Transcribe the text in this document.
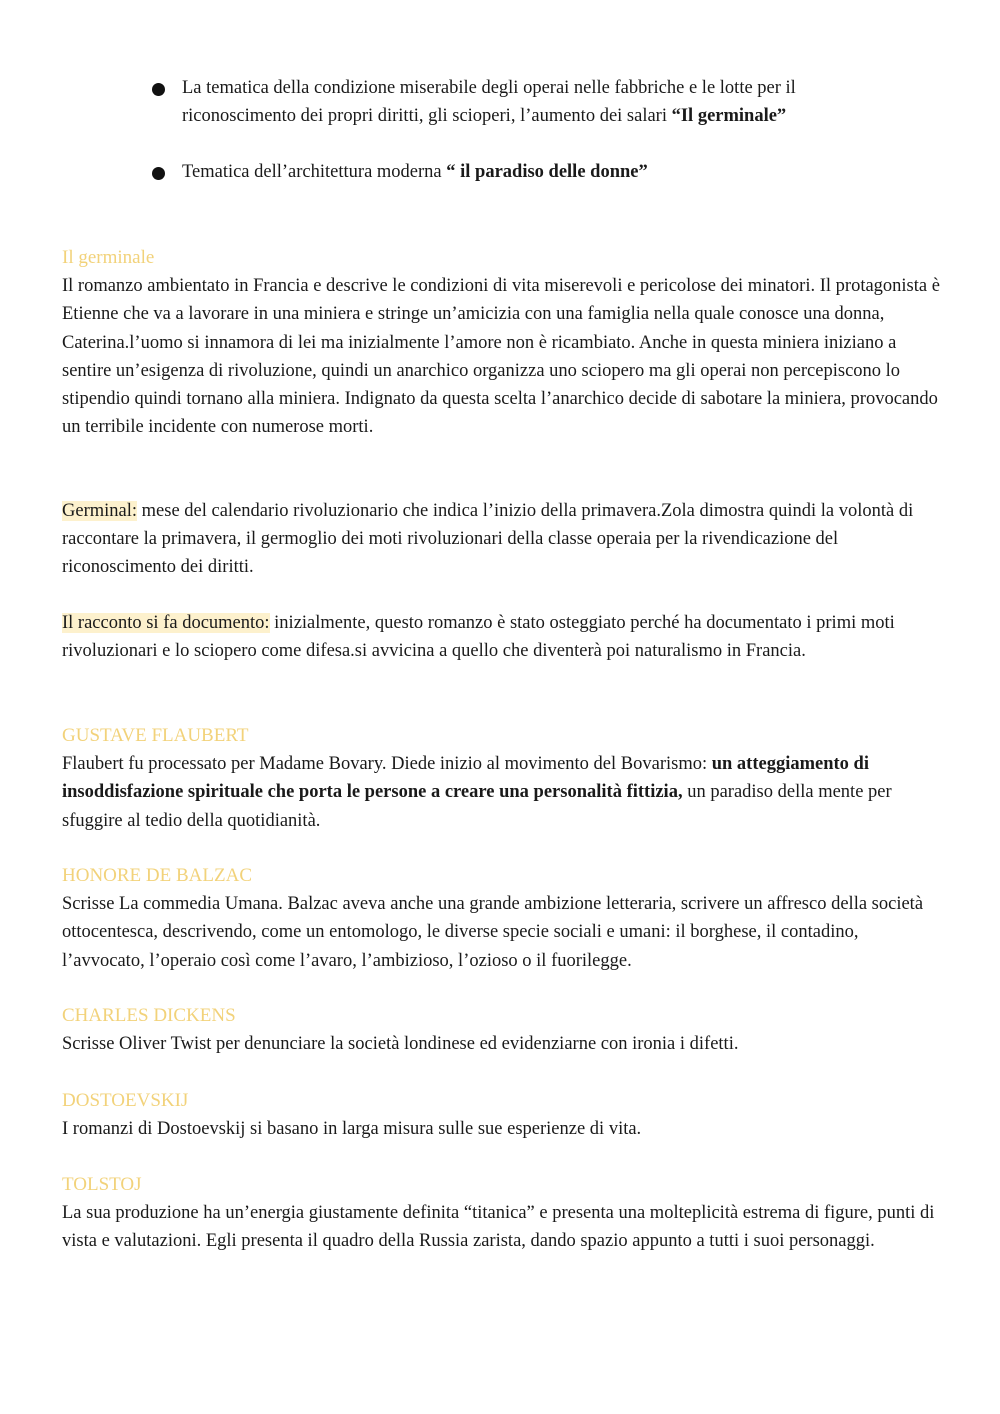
La tematica della condizione miserabile degli operai nelle fabbriche e le lotte per il riconoscimento dei propri diritti, gli scioperi, l’aumento dei salari “Il germinale”
Tematica dell’architettura moderna “ il paradiso delle donne”
Il germinale

Il romanzo ambientato in Francia e descrive le condizioni di vita miserevoli e pericolose dei minatori. Il protagonista è Etienne che va a lavorare in una miniera e stringe un’amicizia con una famiglia nella quale conosce una donna, Caterina.l’uomo si innamora di lei ma inizialmente l’amore non è ricambiato. Anche in questa miniera iniziano a sentire un’esigenza di rivoluzione, quindi un anarchico organizza uno sciopero ma gli operai non percepiscono lo stipendio quindi tornano alla miniera. Indignato da questa scelta l’anarchico decide di sabotare la miniera, provocando un terribile incidente con numerose morti.

Germinal: mese del calendario rivoluzionario che indica l’inizio della primavera.Zola dimostra quindi la volontà di raccontare la primavera, il germoglio dei moti rivoluzionari della classe operaia per la rivendicazione del riconoscimento dei diritti.

Il racconto si fa documento: inizialmente, questo romanzo è stato osteggiato perché ha documentato i primi moti rivoluzionari e lo sciopero come difesa.si avvicina a quello che diventerà poi naturalismo in Francia.

GUSTAVE FLAUBERT

Flaubert fu processato per Madame Bovary. Diede inizio al movimento del Bovarismo: un atteggiamento di insoddisfazione spirituale che porta le persone a creare una personalità fittizia, un paradiso della mente per sfuggire al tedio della quotidianità.

HONORE DE BALZAC

Scrisse La commedia Umana. Balzac aveva anche una grande ambizione letteraria, scrivere un affresco della società ottocentesca, descrivendo, come un entomologo, le diverse specie sociali e umani: il borghese, il contadino, l’avvocato, l’operaio così come l’avaro, l’ambizioso, l’ozioso o il fuorilegge.

CHARLES DICKENS

Scrisse Oliver Twist per denunciare la società londinese ed evidenziarne con ironia i difetti.

DOSTOEVSKIJ

I romanzi di Dostoevskij si basano in larga misura sulle sue esperienze di vita.

TOLSTOJ

La sua produzione ha un’energia giustamente definita “titanica” e presenta una molteplicità estrema di figure, punti di vista e valutazioni. Egli presenta il quadro della Russia zarista, dando spazio appunto a tutti i suoi personaggi.
